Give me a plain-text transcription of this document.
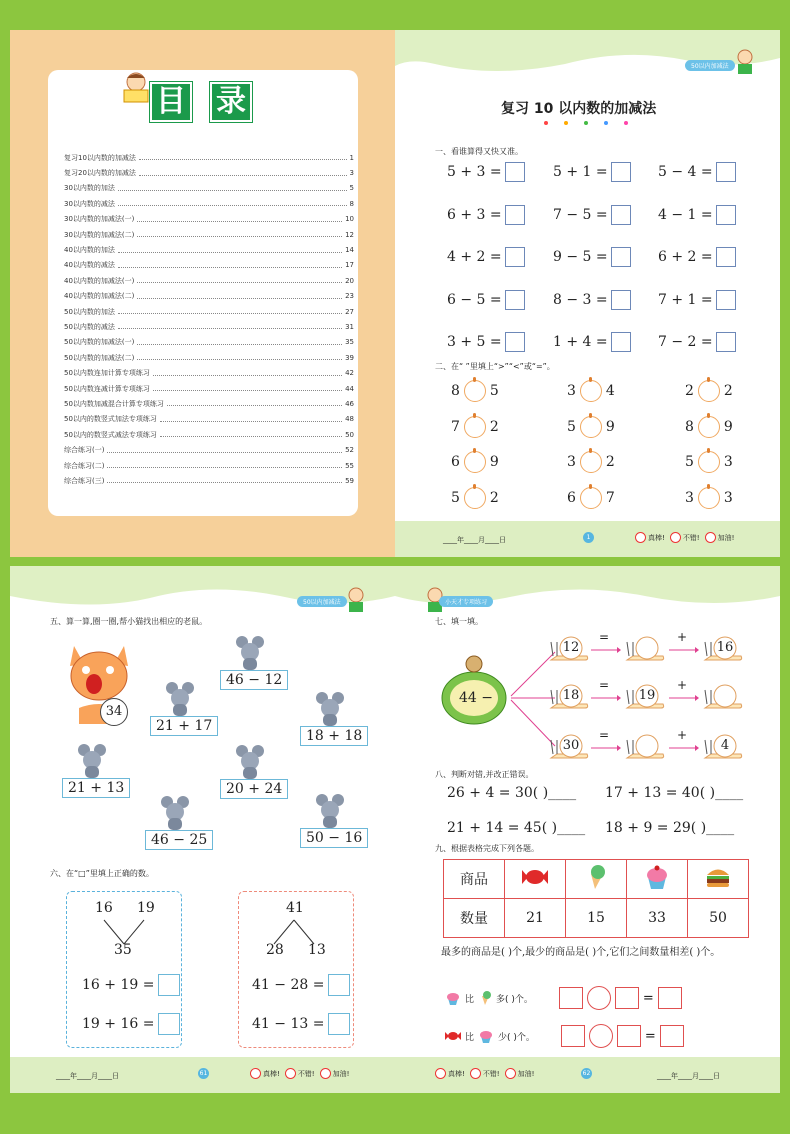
目 录
复习10以内数的加减法	1
复习20以内数的加减法	3
30以内数的加法	5
30以内数的减法	8
30以内数的加减法(一)	10
30以内数的加减法(二)	12
40以内数的加法	14
40以内数的减法	17
40以内数的加减法(一)	20
40以内数的加减法(二)	23
50以内数的加法	27
50以内数的减法	31
50以内数的加减法(一)	35
50以内数的加减法(二)	39
50以内数连加计算专项练习	42
50以内数连减计算专项练习	44
50以内数加减混合计算专项练习	46
50以内的数竖式加法专项练习	48
50以内的数竖式减法专项练习	50
综合练习(一)	52
综合练习(二)	55
综合练习(三)	59
50以内加减法
复习 10 以内数的加减法
一、看谁算得又快又准。
5 + 3 =	5 + 1 =	5 − 4 =
6 + 3 =	7 − 5 =	4 − 1 =
4 + 2 =	9 − 5 =	6 + 2 =
6 − 5 =	8 − 3 =	7 + 1 =
3 + 5 =	1 + 4 =	7 − 2 =
二、在“ ”里填上“>”“<”或“=”。
8 5	3 4	2 2
7 2	5 9	8 9
6 9	3 2	5 3
5 2	6 7	3 3
____年____月____日	1	真棒!	不错!	加油!
50以内加减法
五、算一算,圈一圈,帮小猫找出相应的老鼠。
34
46 − 12
21 + 17
18 + 18
21 + 13	20 + 24
46 − 25	50 − 16
六、在“□”里填上正确的数。
16 19
35
16 + 19 =
19 + 16 =
41
28 13
41 − 28 =
41 − 13 =
____年____月____日	61	真棒!	不错!	加油!
小天才专项练习
七、填一填。
44 −
12
=	+
16
18
=
19
+
30
=	+
4
八、判断对错,并改正错误。
26 + 4 = 30( )____ 17 + 13 = 40( )____
21 + 14 = 45( )____ 18 + 9 = 29( )____
九、根据表格完成下列各题。
商品				
数量	21	15	33	50
最多的商品是( )个,最少的商品是( )个,它们之间数量相差( )个。
比 多( )个。	=
比	少( )个。	=
真棒!	不错!	加油!	62	____年____月____日
